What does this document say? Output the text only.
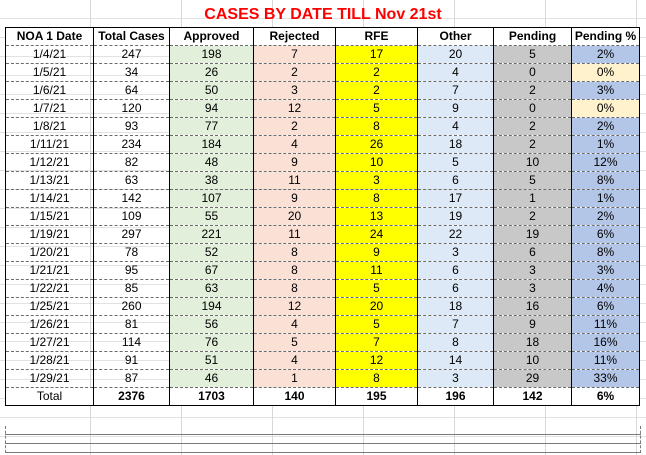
CASES BY DATE TILL Nov 21st
NOA 1 Date	Total Cases	Approved	Rejected	RFE	Other	Pending	Pending %
1/4/21	247	198	7	17	20	5	2%
1/5/21	34	26	2	2	4	0	0%
1/6/21	64	50	3	2	7	2	3%
1/7/21	120	94	12	5	9	0	0%
1/8/21	93	77	2	8	4	2	2%
1/11/21	234	184	4	26	18	2	1%
1/12/21	82	48	9	10	5	10	12%
1/13/21	63	38	11	3	6	5	8%
1/14/21	142	107	9	8	17	1	1%
1/15/21	109	55	20	13	19	2	2%
1/19/21	297	221	11	24	22	19	6%
1/20/21	78	52	8	9	3	6	8%
1/21/21	95	67	8	11	6	3	3%
1/22/21	85	63	8	5	6	3	4%
1/25/21	260	194	12	20	18	16	6%
1/26/21	81	56	4	5	7	9	11%
1/27/21	114	76	5	7	8	18	16%
1/28/21	91	51	4	12	14	10	11%
1/29/21	87	46	1	8	3	29	33%
Total	2376	1703	140	195	196	142	6%
